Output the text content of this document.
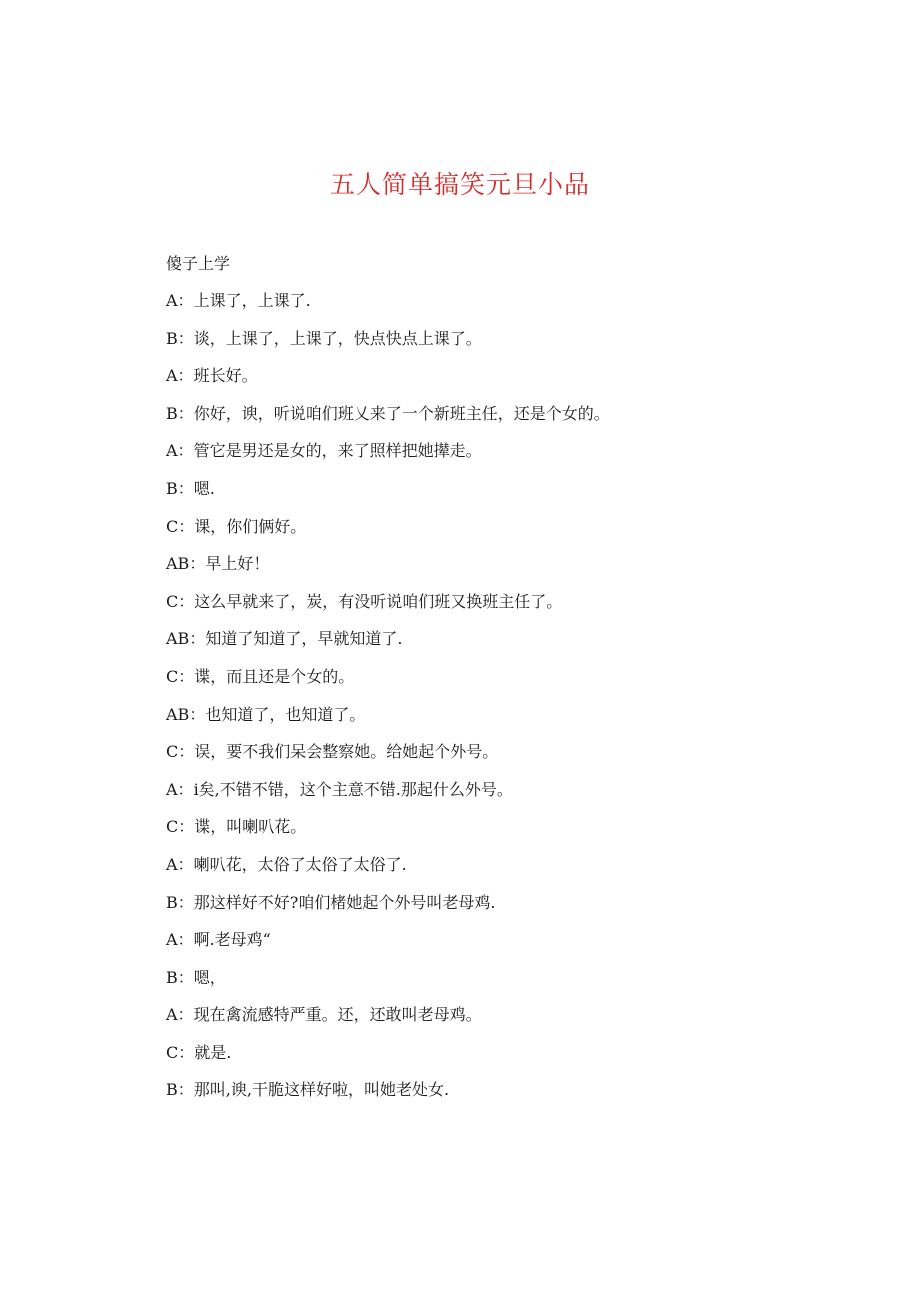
五人简单搞笑元旦小品
傻子上学
A：上课了，上课了.
B：谈，上课了，上课了，快点快点上课了。
A：班长好。
B：你好，谀，听说咱们班乂来了一个新班主任，还是个女的。
A：管它是男还是女的，来了照样把她撵走。
B：嗯.
C：课，你们俩好。
AB：早上好！
C：这么早就来了，炭，有没听说咱们班又换班主任了。
AB：知道了知道了，早就知道了.
C：谍，而且还是个女的。
AB：也知道了，也知道了。
C：误，要不我们呆会整察她。给她起个外号。
A：i矣,不错不错，这个主意不错.那起什么外号。
C：谍，叫喇叭花。
A：喇叭花，太俗了太俗了太俗了.
B：那这样好不好?咱们楮她起个外号叫老母鸡.
A：啊.老母鸡“
B：嗯，
A：现在禽流感特严重。还，还敢叫老母鸡。
C：就是.
B：那叫,谀,干脆这样好啦，叫她老处女.
